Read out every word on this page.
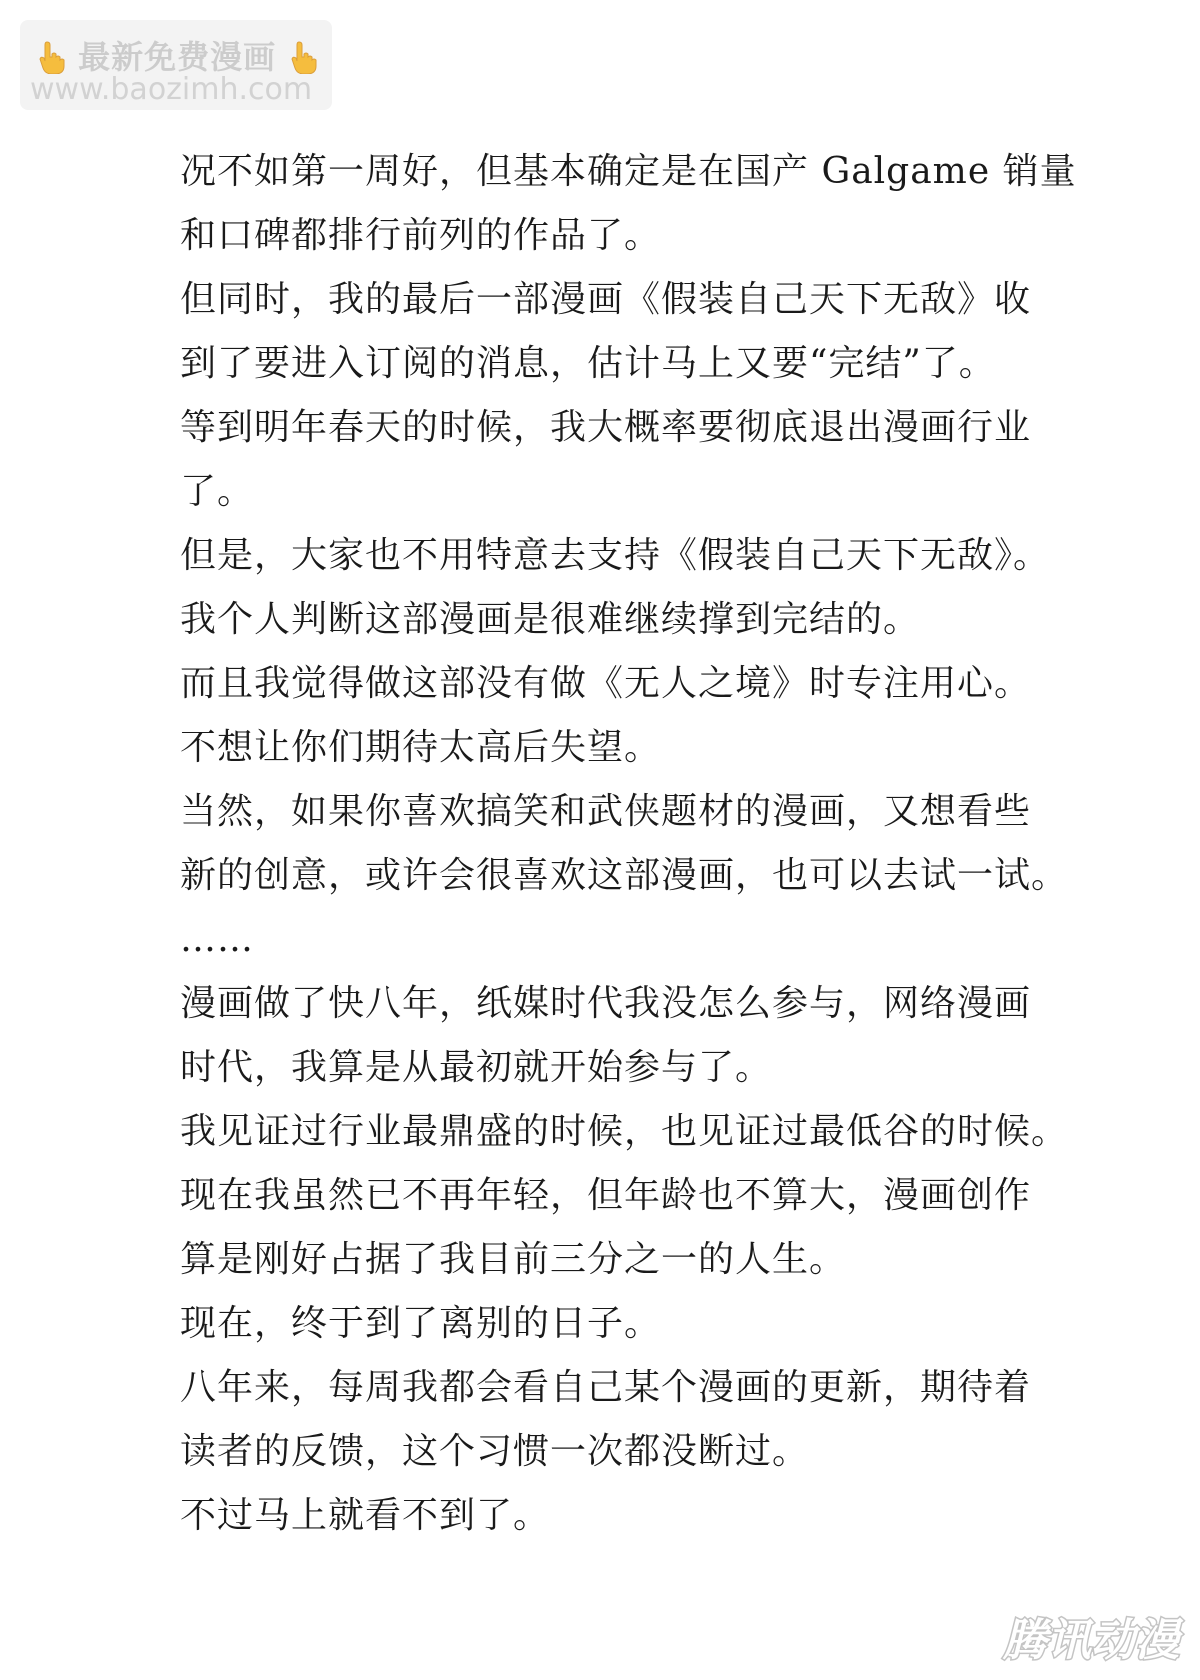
最新免费漫画
www.baozimh.com
况不如第一周好，但基本确定是在国产 Galgame 销量
和口碑都排行前列的作品了。
但同时，我的最后一部漫画《假装自己天下无敌》收
到了要进入订阅的消息，估计马上又要“完结”了。
等到明年春天的时候，我大概率要彻底退出漫画行业
了。
但是，大家也不用特意去支持《假装自己天下无敌》。
我个人判断这部漫画是很难继续撑到完结的。
而且我觉得做这部没有做《无人之境》时专注用心。
不想让你们期待太高后失望。
当然，如果你喜欢搞笑和武侠题材的漫画，又想看些
新的创意，或许会很喜欢这部漫画，也可以去试一试。
……
漫画做了快八年，纸媒时代我没怎么参与，网络漫画
时代，我算是从最初就开始参与了。
我见证过行业最鼎盛的时候，也见证过最低谷的时候。
现在我虽然已不再年轻，但年龄也不算大，漫画创作
算是刚好占据了我目前三分之一的人生。
现在，终于到了离别的日子。
八年来，每周我都会看自己某个漫画的更新，期待着
读者的反馈，这个习惯一次都没断过。
不过马上就看不到了。
腾讯动漫
